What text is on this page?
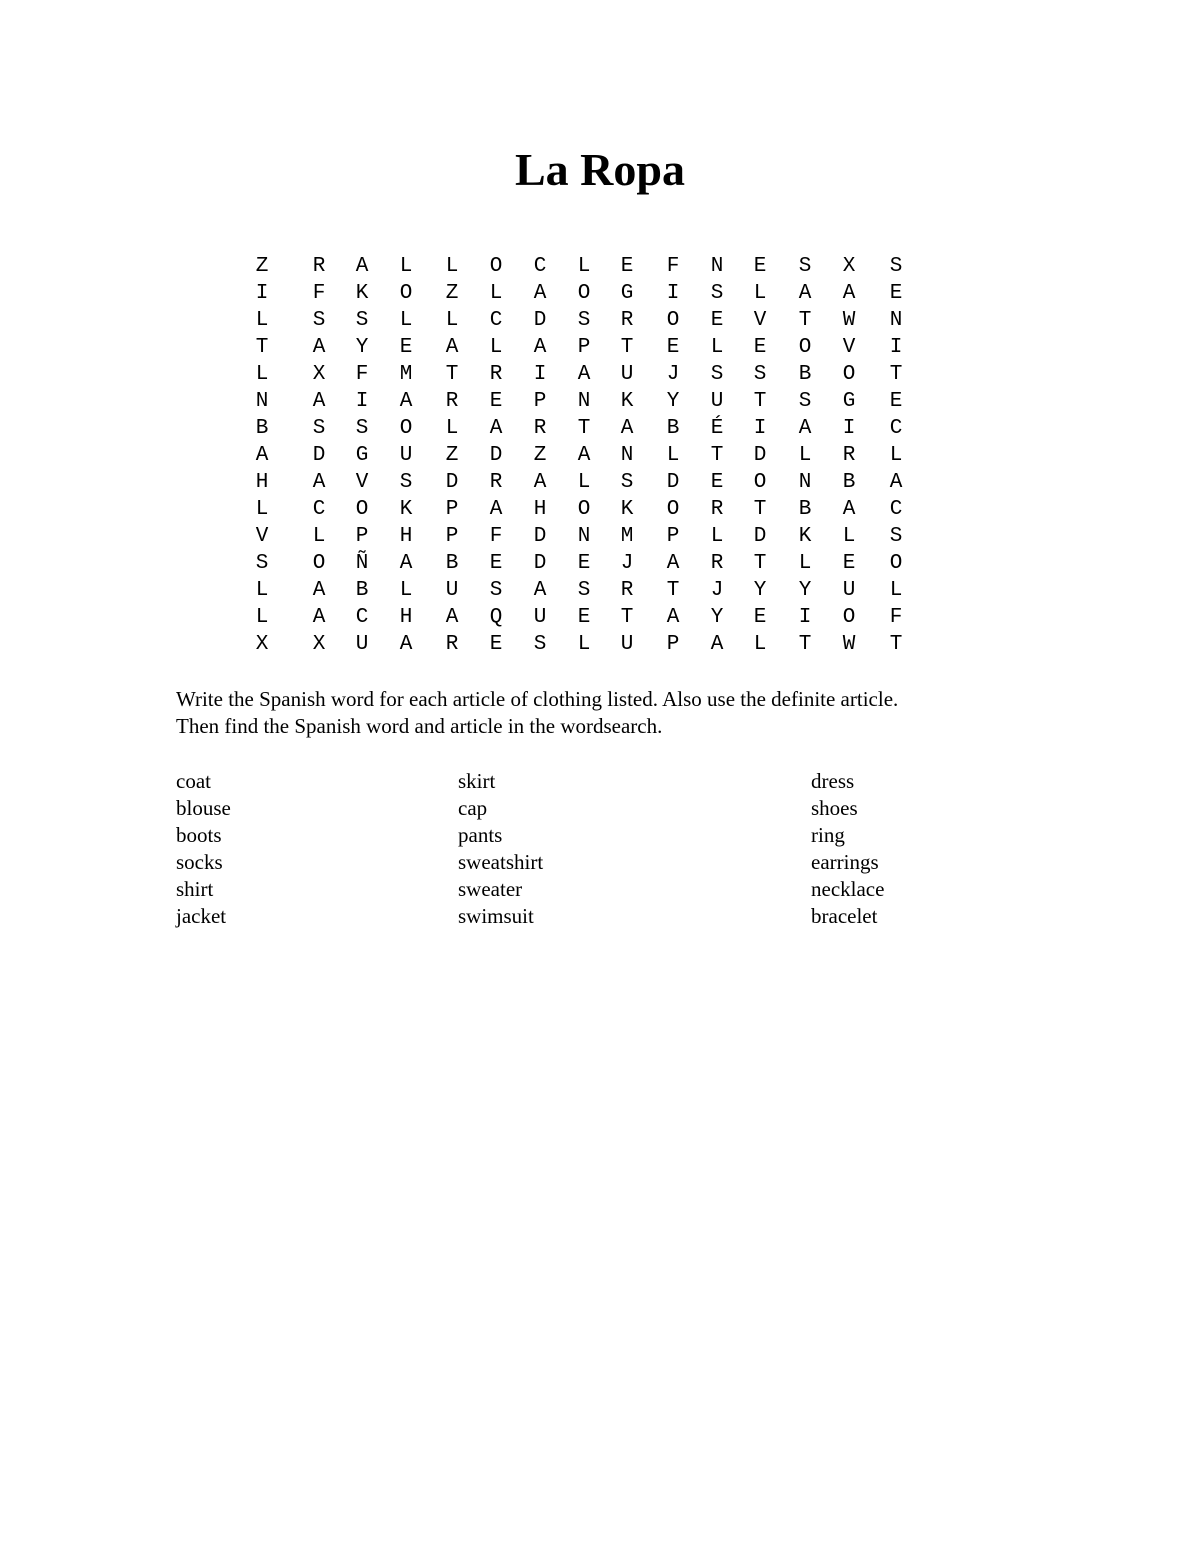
La Ropa
Z	R	A	L	L	O	C	L	E	F	N	E	S	X	S
I	F	K	O	Z	L	A	O	G	I	S	L	A	A	E
L	S	S	L	L	C	D	S	R	O	E	V	T	W	N
T	A	Y	E	A	L	A	P	T	E	L	E	O	V	I
L	X	F	M	T	R	I	A	U	J	S	S	B	O	T
N	A	I	A	R	E	P	N	K	Y	U	T	S	G	E
B	S	S	O	L	A	R	T	A	B	É	I	A	I	C
A	D	G	U	Z	D	Z	A	N	L	T	D	L	R	L
H	A	V	S	D	R	A	L	S	D	E	O	N	B	A
L	C	O	K	P	A	H	O	K	O	R	T	B	A	C
V	L	P	H	P	F	D	N	M	P	L	D	K	L	S
S	O	Ñ	A	B	E	D	E	J	A	R	T	L	E	O
L	A	B	L	U	S	A	S	R	T	J	Y	Y	U	L
L	A	C	H	A	Q	U	E	T	A	Y	E	I	O	F
X	X	U	A	R	E	S	L	U	P	A	L	T	W	T
Write the Spanish word for each article of clothing listed. Also use the definite article.
Then find the Spanish word and article in the wordsearch.
coat
blouse
boots
socks
shirt
jacket
skirt
cap
pants
sweatshirt
sweater
swimsuit
dress
shoes
ring
earrings
necklace
bracelet
